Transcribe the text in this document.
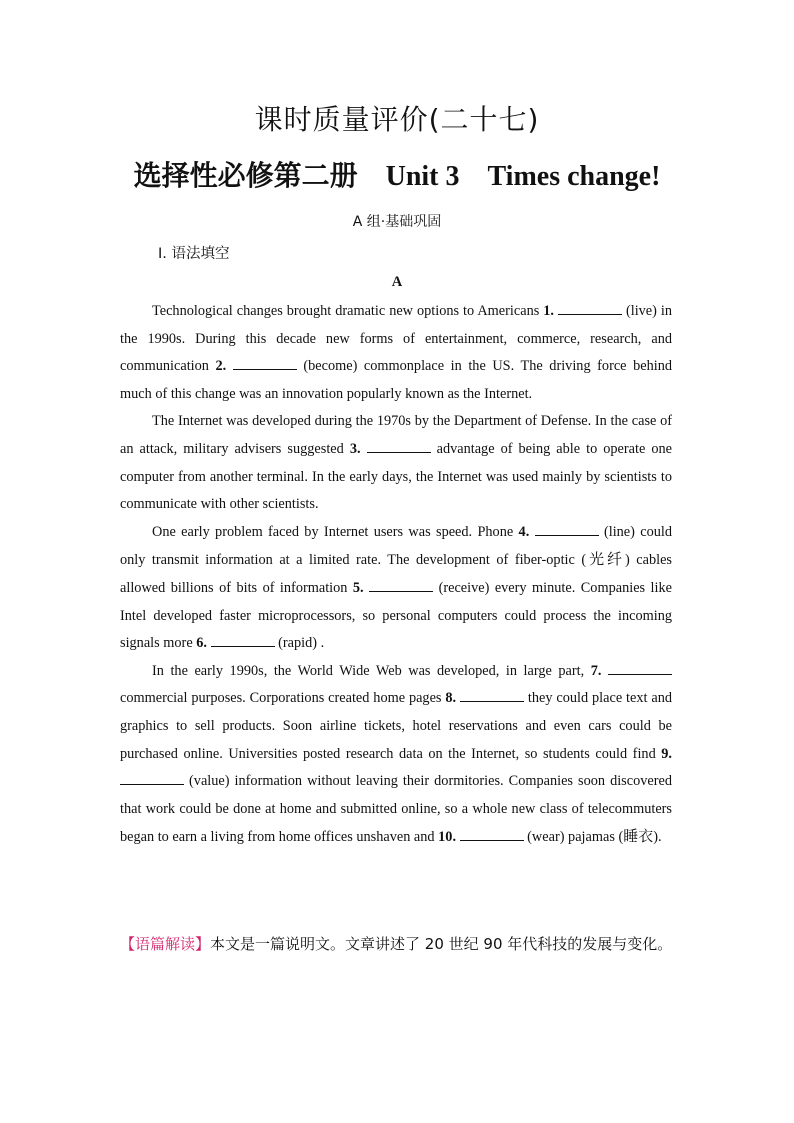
课时质量评价(二十七)
选择性必修第二册 Unit 3 Times change!
A 组·基础巩固
Ⅰ. 语法填空
A

Technological changes brought dramatic new options to Americans 1.	(live) in the 1990s. During this decade new forms of entertainment, commerce, research, and communication 2.	(become) commonplace in the US. The driving force behind much of this change was an innovation popularly known as the Internet.

The Internet was developed during the 1970s by the Department of Defense. In the case of an attack, military advisers suggested 3.	advantage of being able to operate one computer from another terminal. In the early days, the Internet was used mainly by scientists to communicate with other scientists.

One early problem faced by Internet users was speed. Phone 4.	(line) could only transmit information at a limited rate. The development of fiber-optic (光纤) cables allowed billions of bits of information 5.	(receive) every minute. Companies like Intel developed faster microprocessors, so personal computers could process the incoming signals more 6.	(rapid) .

In the early 1990s, the World Wide Web was developed, in large part, 7.  commercial purposes. Corporations created home pages 8.	they could place text and graphics to sell products. Soon airline tickets, hotel reservations and even cars could be purchased online. Universities posted research data on the Internet, so students could find 9.  (value) information without leaving their dormitories. Companies soon discovered that work could be done at home and submitted online, so a whole new class of telecommuters began to earn a living from home offices unshaven and 10.	(wear) pajamas (睡衣).

【语篇解读】本文是一篇说明文。文章讲述了 20 世纪 90 年代科技的发展与变化。
